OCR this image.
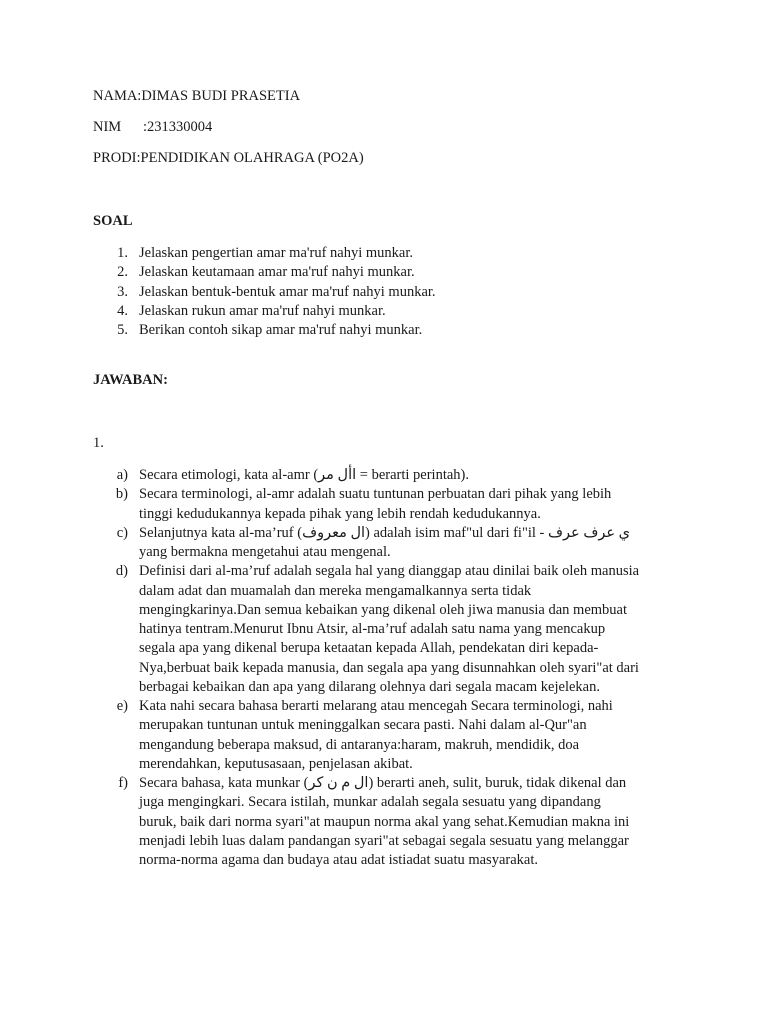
NAMA:DIMAS BUDI PRASETIA
NIM      :231330004
PRODI:PENDIDIKAN OLAHRAGA (PO2A)
SOAL
1. Jelaskan pengertian amar ma'ruf nahyi munkar.
2. Jelaskan keutamaan amar ma'ruf nahyi munkar.
3. Jelaskan bentuk-bentuk amar ma'ruf nahyi munkar.
4. Jelaskan rukun amar ma'ruf nahyi munkar.
5. Berikan contoh sikap amar ma'ruf nahyi munkar.
JAWABAN:
1.
a) Secara etimologi, kata al-amr (األ مر = berarti perintah).
b) Secara terminologi, al-amr adalah suatu tuntunan perbuatan dari pihak yang lebih
tinggi kedudukannya kepada pihak yang lebih rendah kedudukannya.
c) Selanjutnya kata al-ma’ruf (ال معروف) adalah isim maf"ul dari fi"il - ي عرف عرف
yang bermakna mengetahui atau mengenal.
d) Definisi dari al-ma’ruf adalah segala hal yang dianggap atau dinilai baik oleh manusia
dalam adat dan muamalah dan mereka mengamalkannya serta tidak
mengingkarinya.Dan semua kebaikan yang dikenal oleh jiwa manusia dan membuat
hatinya tentram.Menurut Ibnu Atsir, al-ma’ruf adalah satu nama yang mencakup
segala apa yang dikenal berupa ketaatan kepada Allah, pendekatan diri kepada-
Nya,berbuat baik kepada manusia, dan segala apa yang disunnahkan oleh syari"at dari
berbagai kebaikan dan apa yang dilarang olehnya dari segala macam kejelekan.
e) Kata nahi secara bahasa berarti melarang atau mencegah Secara terminologi, nahi
merupakan tuntunan untuk meninggalkan secara pasti. Nahi dalam al-Qur"an
mengandung beberapa maksud, di antaranya:haram, makruh, mendidik, doa
merendahkan, keputusasaan, penjelasan akibat.
f) Secara bahasa, kata munkar (ال م ن كر) berarti aneh, sulit, buruk, tidak dikenal dan
juga mengingkari. Secara istilah, munkar adalah segala sesuatu yang dipandang
buruk, baik dari norma syari"at maupun norma akal yang sehat.Kemudian makna ini
menjadi lebih luas dalam pandangan syari"at sebagai segala sesuatu yang melanggar
norma-norma agama dan budaya atau adat istiadat suatu masyarakat.
